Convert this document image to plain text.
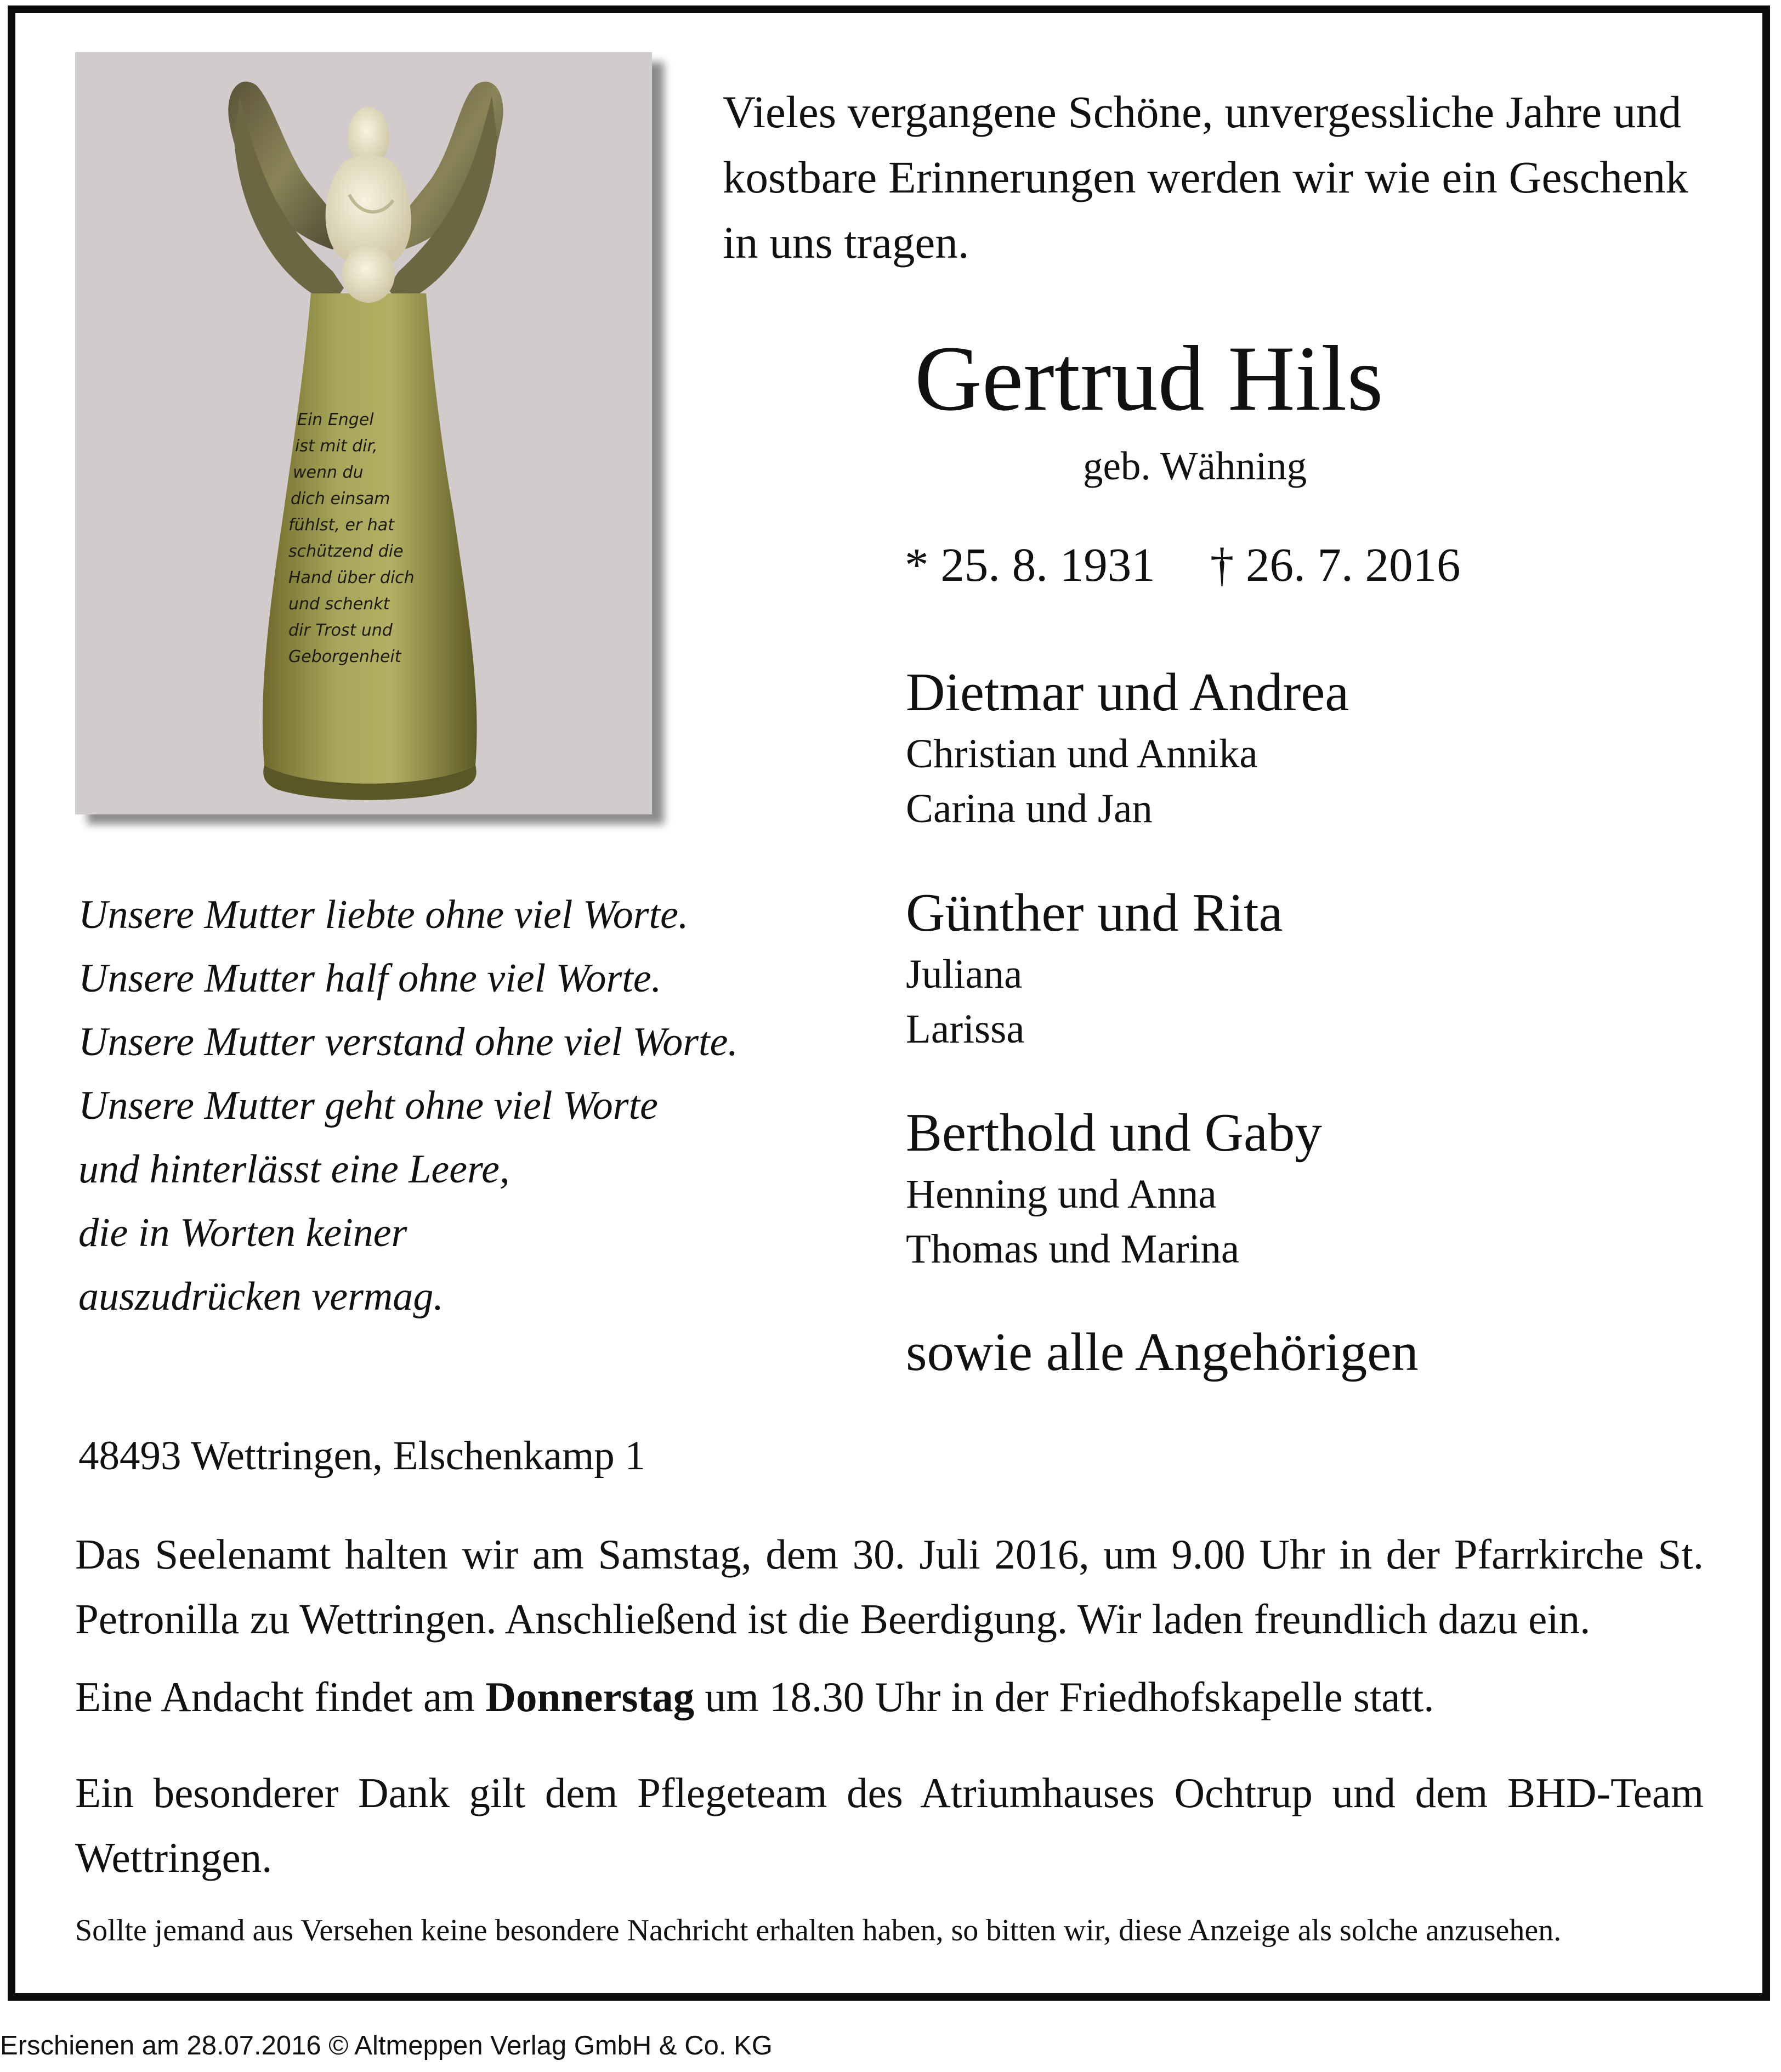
Ein Engel
ist mit dir,
wenn du
dich einsam
fühlst, er hat
schützend die
Hand über dich
und schenkt
dir Trost und
Geborgenheit
Vieles vergangene Schöne, unvergessliche Jahre und
kostbare Erinnerungen werden wir wie ein Geschenk
in uns tragen.
Gertrud Hils
geb. Wähning
* 25. 8. 1931 † 26. 7. 2016
Dietmar und Andrea
Christian und Annika
Carina und Jan
Günther und Rita
Juliana
Larissa
Berthold und Gaby
Henning und Anna
Thomas und Marina
sowie alle Angehörigen
Unsere Mutter liebte ohne viel Worte.
Unsere Mutter half ohne viel Worte.
Unsere Mutter verstand ohne viel Worte.
Unsere Mutter geht ohne viel Worte
und hinterlässt eine Leere,
die in Worten keiner
auszudrücken vermag.
48493 Wettringen, Elschenkamp 1

Das Seelenamt halten wir am Samstag, dem 30. Juli 2016, um 9.00 Uhr in der Pfarrkirche St. Petronilla zu Wettringen. Anschließend ist die Beerdigung. Wir laden freundlich dazu ein.

Eine Andacht findet am Donnerstag um 18.30 Uhr in der Friedhofskapelle statt.

Ein besonderer Dank gilt dem Pflegeteam des Atriumhauses Ochtrup und dem BHD-Team Wettringen.

Sollte jemand aus Versehen keine besondere Nachricht erhalten haben, so bitten wir, diese Anzeige als solche anzusehen.
Erschienen am 28.07.2016 © Altmeppen Verlag GmbH & Co. KG
